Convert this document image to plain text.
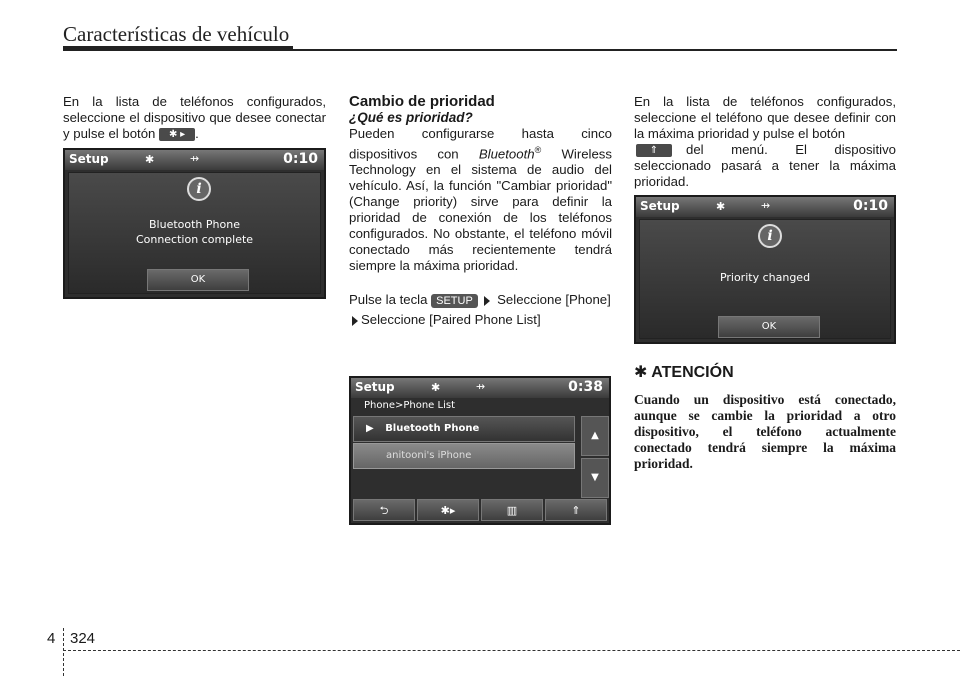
Características de vehículo

En la lista de teléfonos configurados, seleccione el dispositivo que desee conectar y pulse el botón ✱ ▸ .

Setup	✱	⇸	0:10
i
Bluetooth Phone
Connection complete
OK

Cambio de prioridad

¿Qué es prioridad?

Pueden configurarse hasta cinco dispositivos con Bluetooth® Wireless Technology en el sistema de audio del vehículo. Así, la función "Cambiar prioridad" (Change priority) sirve para definir la prioridad de conexión de los teléfonos configurados. No obstante, el teléfono móvil conectado más recientemente tendrá siempre la máxima prioridad.

Pulse la tecla SETUP Seleccione [Phone]Seleccione [Paired Phone List]

Setup	✱	⇸	0:38
Phone>Phone List
▶ Bluetooth Phone
anitooni's iPhone
▲
▼
⮌	✱▸	▥	⇑

En la lista de teléfonos configurados, seleccione el teléfono que desee definir con la máxima prioridad y pulse el botón
⇑ del menú. El dispositivo seleccionado pasará a tener la máxima prioridad.

Setup	✱	⇸	0:10
i
Priority changed
OK

✱ ATENCIÓN

Cuando un dispositivo está conectado, aunque se cambie la prioridad a otro dispositivo, el teléfono actualmente conectado tendrá siempre la máxima prioridad.

4 324
